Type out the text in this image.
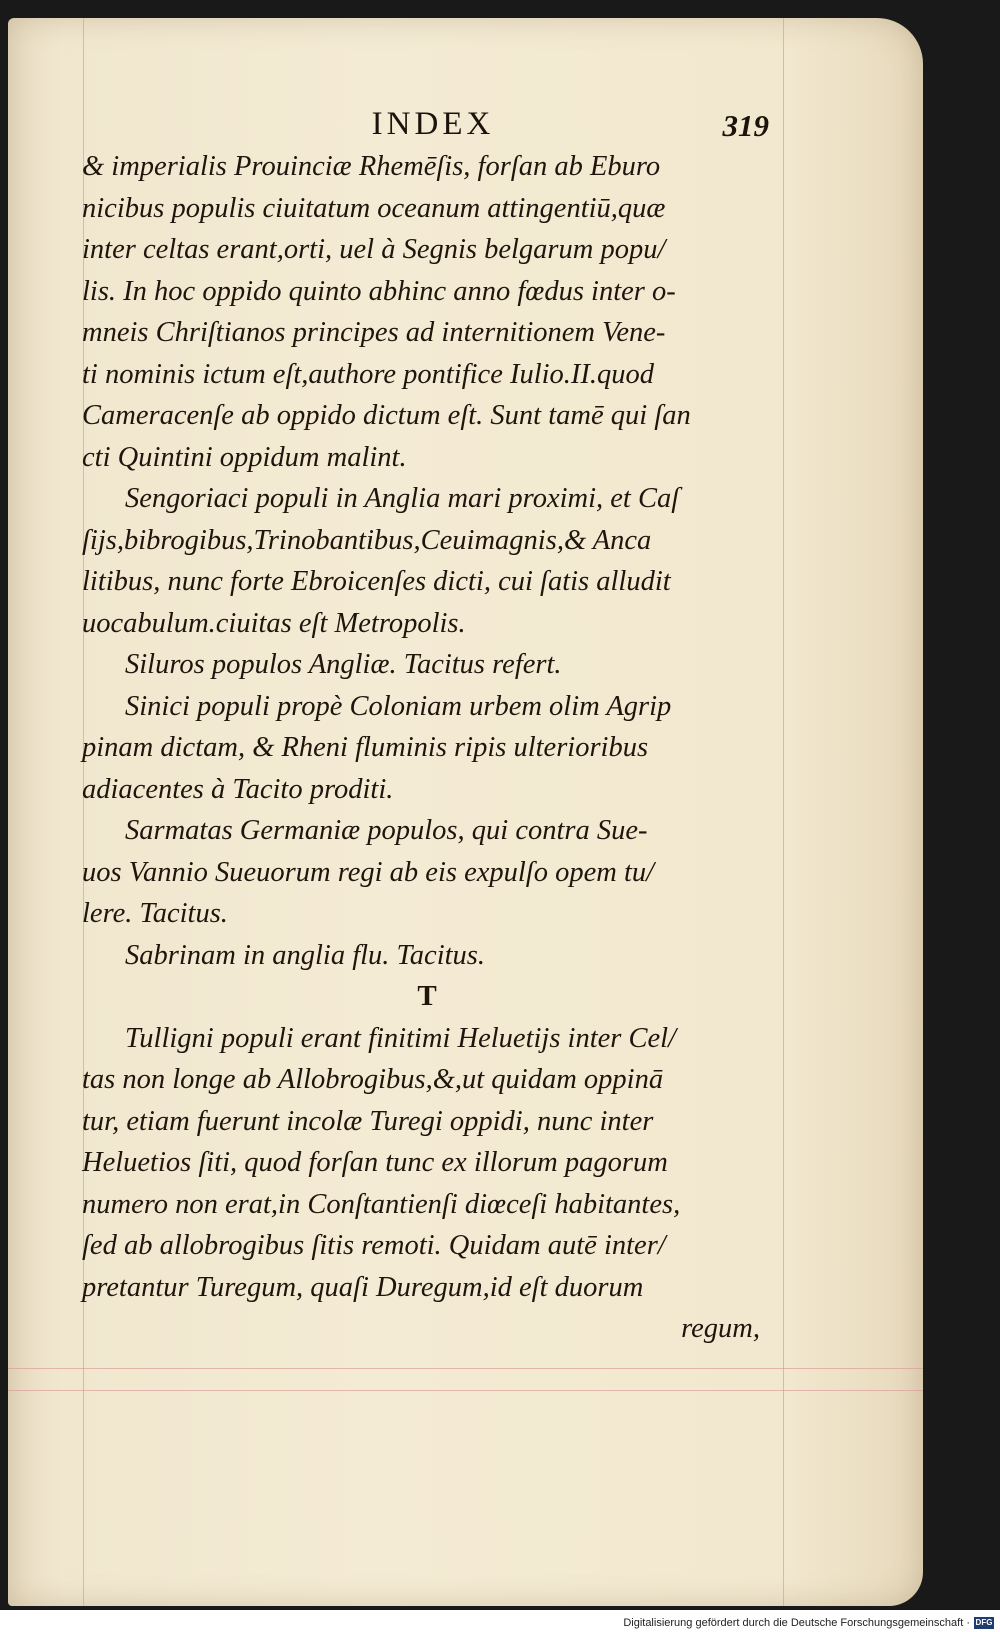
INDEX	319
& imperialis Prouinciæ Rhemēſis, forſan ab Eburo
nicibus populis ciuitatum oceanum attingentiū,quæ
inter celtas erant,orti, uel à Segnis belgarum popu/
lis. In hoc oppido quinto abhinc anno fœdus inter o-
mneis Chriſtianos principes ad internitionem Vene-
ti nominis ictum eſt,authore pontifice Iulio.II.quod
Cameracenſe ab oppido dictum eſt. Sunt tamē qui ſan
cti Quintini oppidum malint.
Sengoriaci populi in Anglia mari proximi, et Caſ
ſijs,bibrogibus,Trinobantibus,Ceuimagnis,& Anca
litibus, nunc forte Ebroicenſes dicti, cui ſatis alludit
uocabulum.ciuitas eſt Metropolis.
Siluros populos Angliæ. Tacitus refert.
Sinici populi propè Coloniam urbem olim Agrip
pinam dictam, & Rheni fluminis ripis ulterioribus
adiacentes à Tacito proditi.
Sarmatas Germaniæ populos, qui contra Sue-
uos Vannio Sueuorum regi ab eis expulſo opem tu/
lere. Tacitus.
Sabrinam in anglia flu. Tacitus.
T
Tulligni populi erant finitimi Heluetijs inter Cel/
tas non longe ab Allobrogibus,&,ut quidam oppinā
tur, etiam fuerunt incolæ Turegi oppidi, nunc inter
Heluetios ſiti, quod forſan tunc ex illorum pagorum
numero non erat,in Conſtantienſi diœceſi habitantes,
ſed ab allobrogibus ſitis remoti. Quidam autē inter/
pretantur Turegum, quaſi Duregum,id eſt duorum
regum,
Digitalisierung gefördert durch die Deutsche Forschungsgemeinschaft · DFG
